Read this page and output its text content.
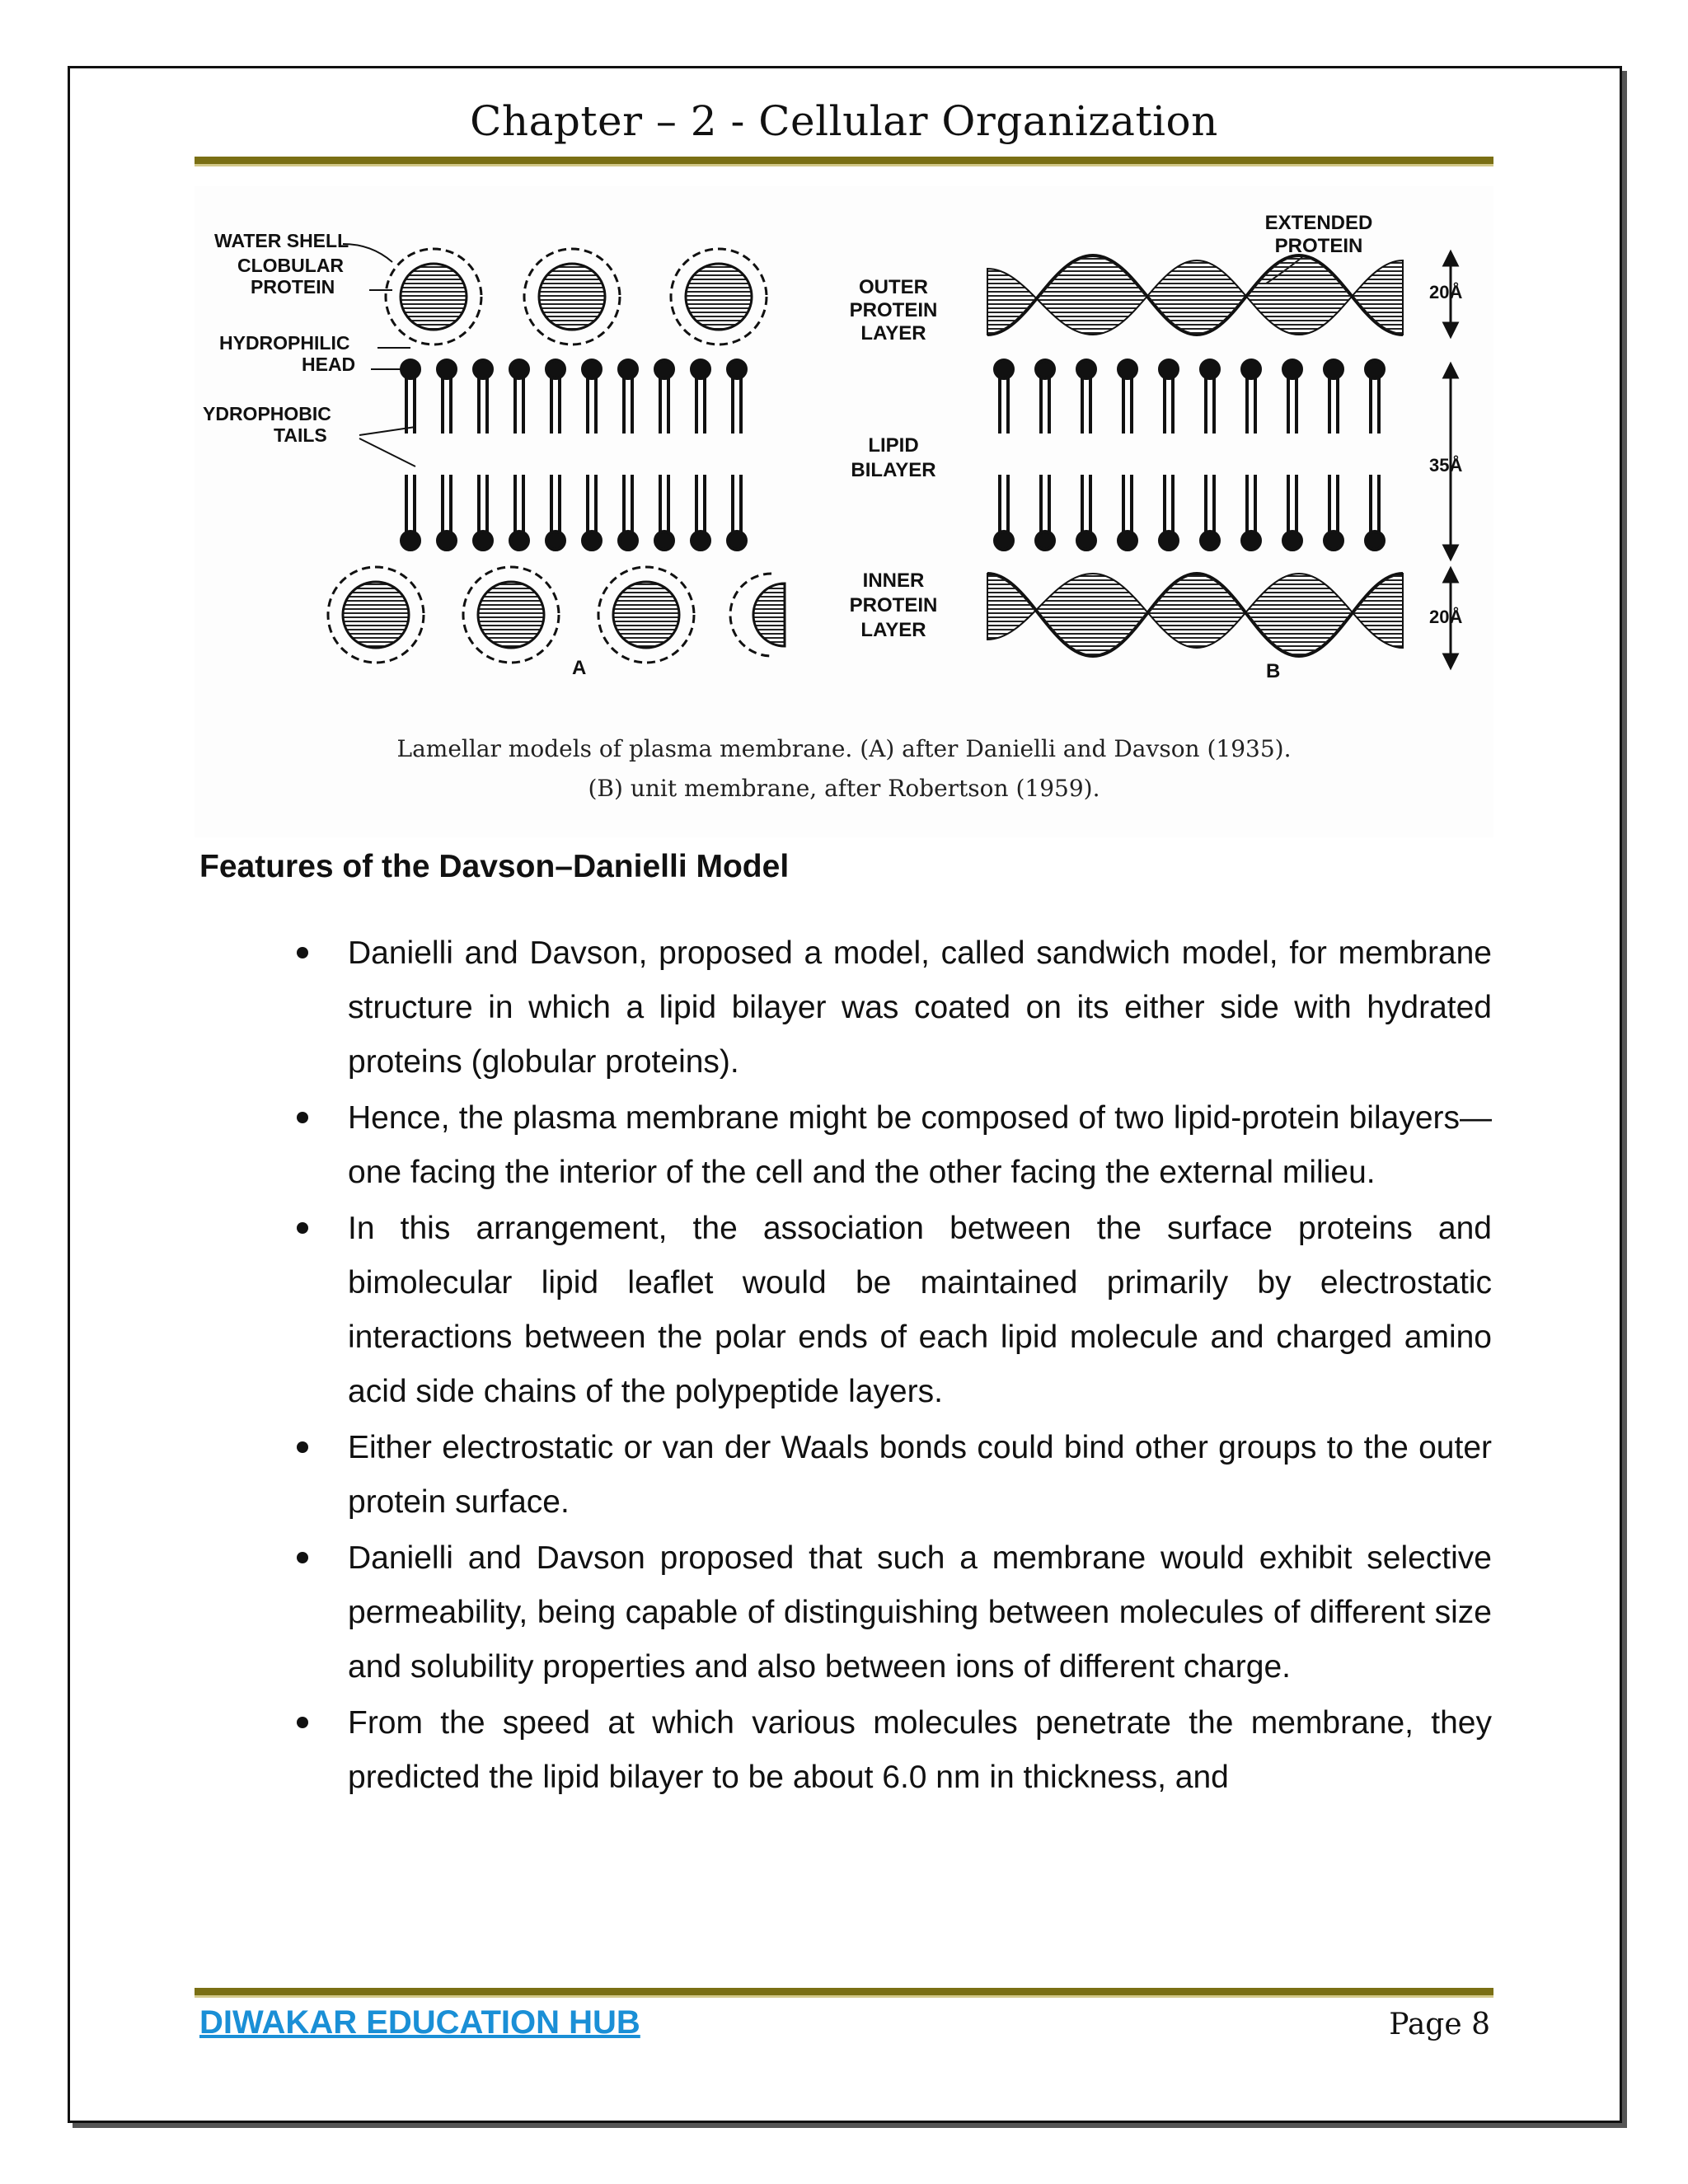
Chapter – 2 - Cellular Organization
WATER SHELL
CLOBULAR
PROTEIN
HYDROPHILIC
HEAD
YDROPHOBIC
TAILS
OUTER
PROTEIN
LAYER
LIPID
BILAYER
INNER
PROTEIN
LAYER
EXTENDED
PROTEIN
20Å
35Å
20Å
A	B
Lamellar models of plasma membrane. (A) after Danielli and Davson (1935).
(B) unit membrane, after Robertson (1959).
Features of the Davson–Danielli Model
Danielli and Davson, proposed a model, called sandwich model, for membrane structure in which a lipid bilayer was coated on its either side with hydrated proteins (globular proteins).
Hence, the plasma membrane might be composed of two lipid-protein bilayers—one facing the interior of the cell and the other facing the external milieu.
In this arrangement, the association between the surface proteins and bimolecular lipid leaflet would be maintained primarily by electrostatic interactions between the polar ends of each lipid molecule and charged amino acid side chains of the polypeptide layers.
Either electrostatic or van der Waals bonds could bind other groups to the outer protein surface.
Danielli and Davson proposed that such a membrane would exhibit selective permeability, being capable of distinguishing between molecules of different size and solubility properties and also between ions of different charge.
From the speed at which various molecules penetrate the membrane, they predicted the lipid bilayer to be about 6.0 nm in thickness, and
DIWAKAR EDUCATION HUB	Page 8
